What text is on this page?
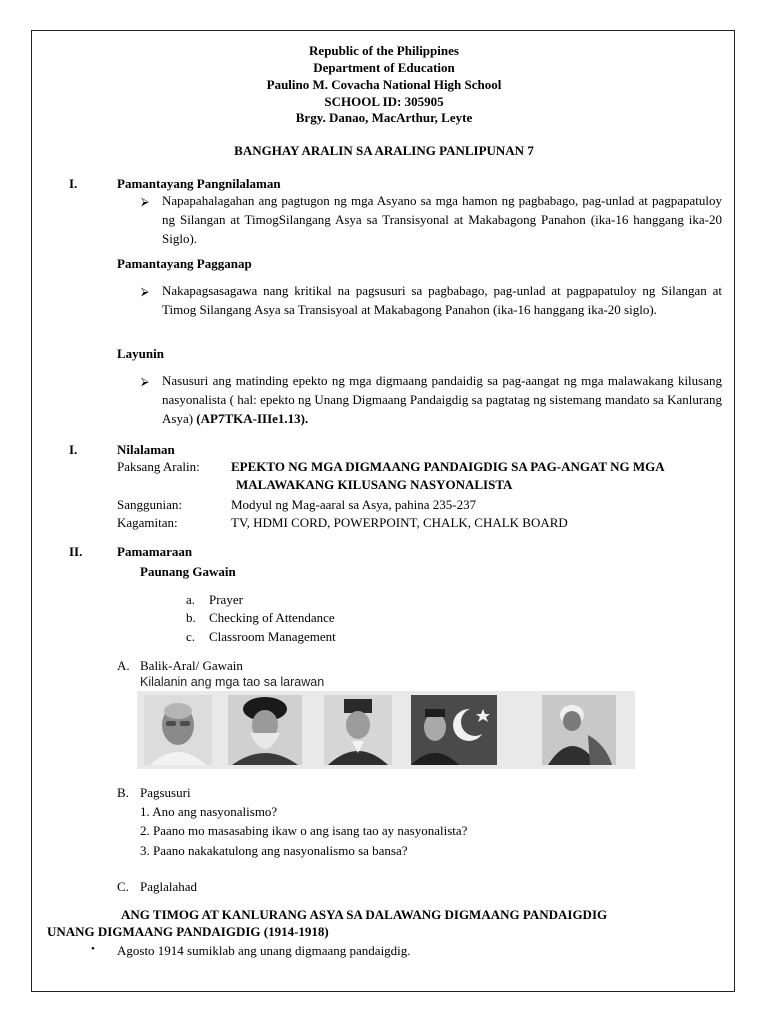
Republic of the Philippines
Department of Education
Paulino M. Covacha National High School
SCHOOL ID: 305905
Brgy. Danao, MacArthur, Leyte
BANGHAY ARALIN SA ARALING PANLIPUNAN 7
I.	Pamantayang Pangnilalaman
⮚ Napapahalagahan ang pagtugon ng mga Asyano sa mga hamon ng pagbabago, pag-unlad at pagpapatuloy ng Silangan at TimogSilangang Asya sa Transisyonal at Makabagong Panahon (ika-16 hanggang ika-20 Siglo).
Pamantayang Pagganap
⮚ Nakapagsasagawa nang kritikal na pagsusuri sa pagbabago, pag-unlad at pagpapatuloy ng Silangan at Timog Silangang Asya sa Transisyoal at Makabagong Panahon (ika-16 hanggang ika-20 siglo).
Layunin
⮚ Nasusuri ang matinding epekto ng mga digmaang pandaidig sa pag-aangat ng mga malawakang kilusang nasyonalista ( hal: epekto ng Unang Digmaang Pandaigdig sa pagtatag ng sistemang mandato sa Kanlurang Asya) (AP7TKA-IIIe1.13).
I.	Nilalaman
Paksang Aralin: EPEKTO NG MGA DIGMAANG PANDAIGDIG SA PAG-ANGAT NG MGA
MALAWAKANG KILUSANG NASYONALISTA
Sanggunian:	Modyul ng Mag-aaral sa Asya, pahina 235-237
Kagamitan:	TV, HDMI CORD, POWERPOINT, CHALK, CHALK BOARD
II.	Pamamaraan
Paunang Gawain
a. Prayer
b. Checking of Attendance
c. Classroom Management
A. Balik-Aral/ Gawain
Kilalanin ang mga tao sa larawan
B. Pagsusuri
1. Ano ang nasyonalismo?
2. Paano mo masasabing ikaw o ang isang tao ay nasyonalista?
3. Paano nakakatulong ang nasyonalismo sa bansa?
C. Paglalahad
ANG TIMOG AT KANLURANG ASYA SA DALAWANG DIGMAANG PANDAIGDIG
UNANG DIGMAANG PANDAIGDIG (1914-1918)
• Agosto 1914 sumiklab ang unang digmaang pandaigdig.
